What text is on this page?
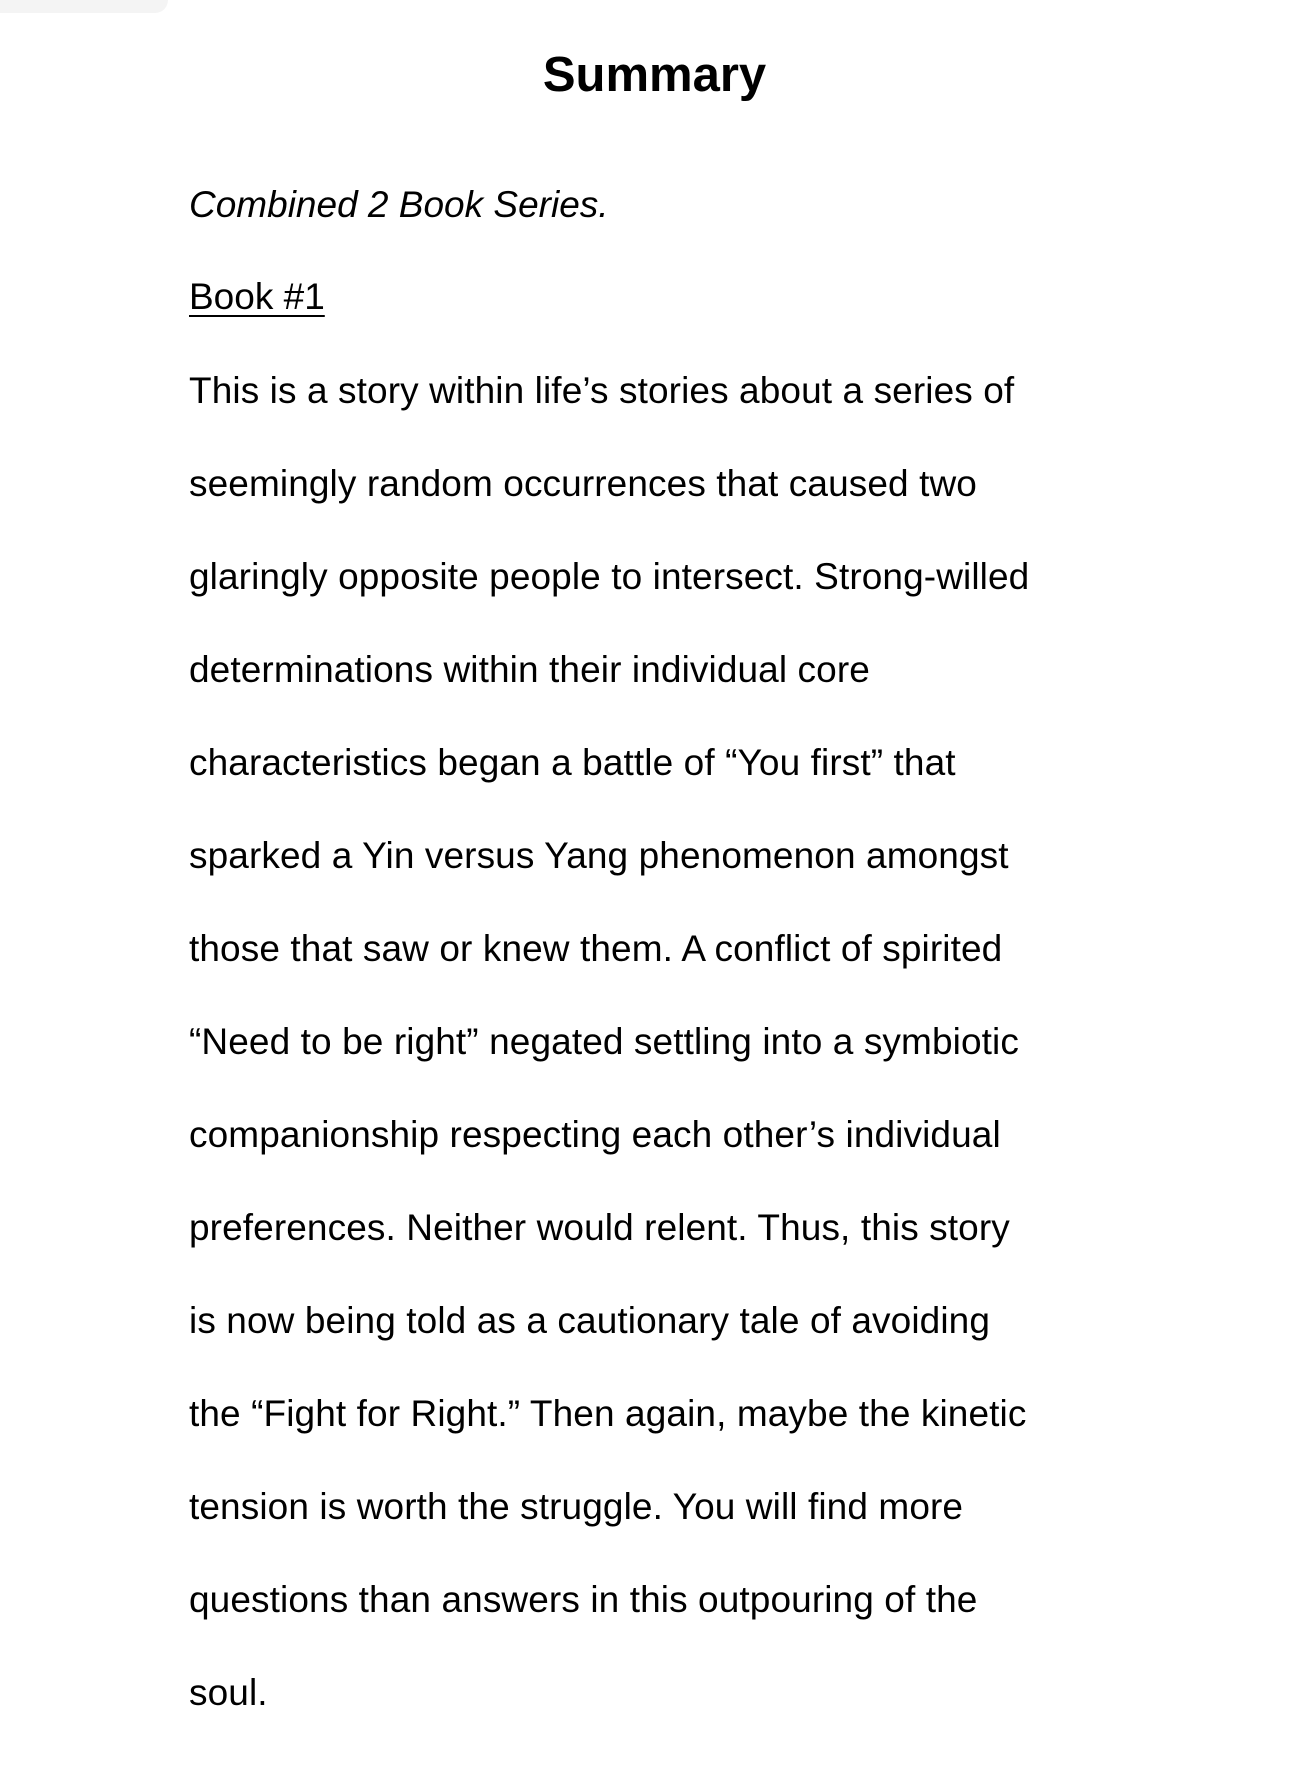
Summary

Combined 2 Book Series.

Book #1

This is a story within life’s stories about a series of
seemingly random occurrences that caused two
glaringly opposite people to intersect. Strong-willed
determinations within their individual core
characteristics began a battle of “You first” that
sparked a Yin versus Yang phenomenon amongst
those that saw or knew them. A conflict of spirited
“Need to be right” negated settling into a symbiotic
companionship respecting each other’s individual
preferences. Neither would relent. Thus, this story
is now being told as a cautionary tale of avoiding
the “Fight for Right.” Then again, maybe the kinetic
tension is worth the struggle. You will find more
questions than answers in this outpouring of the
soul.
